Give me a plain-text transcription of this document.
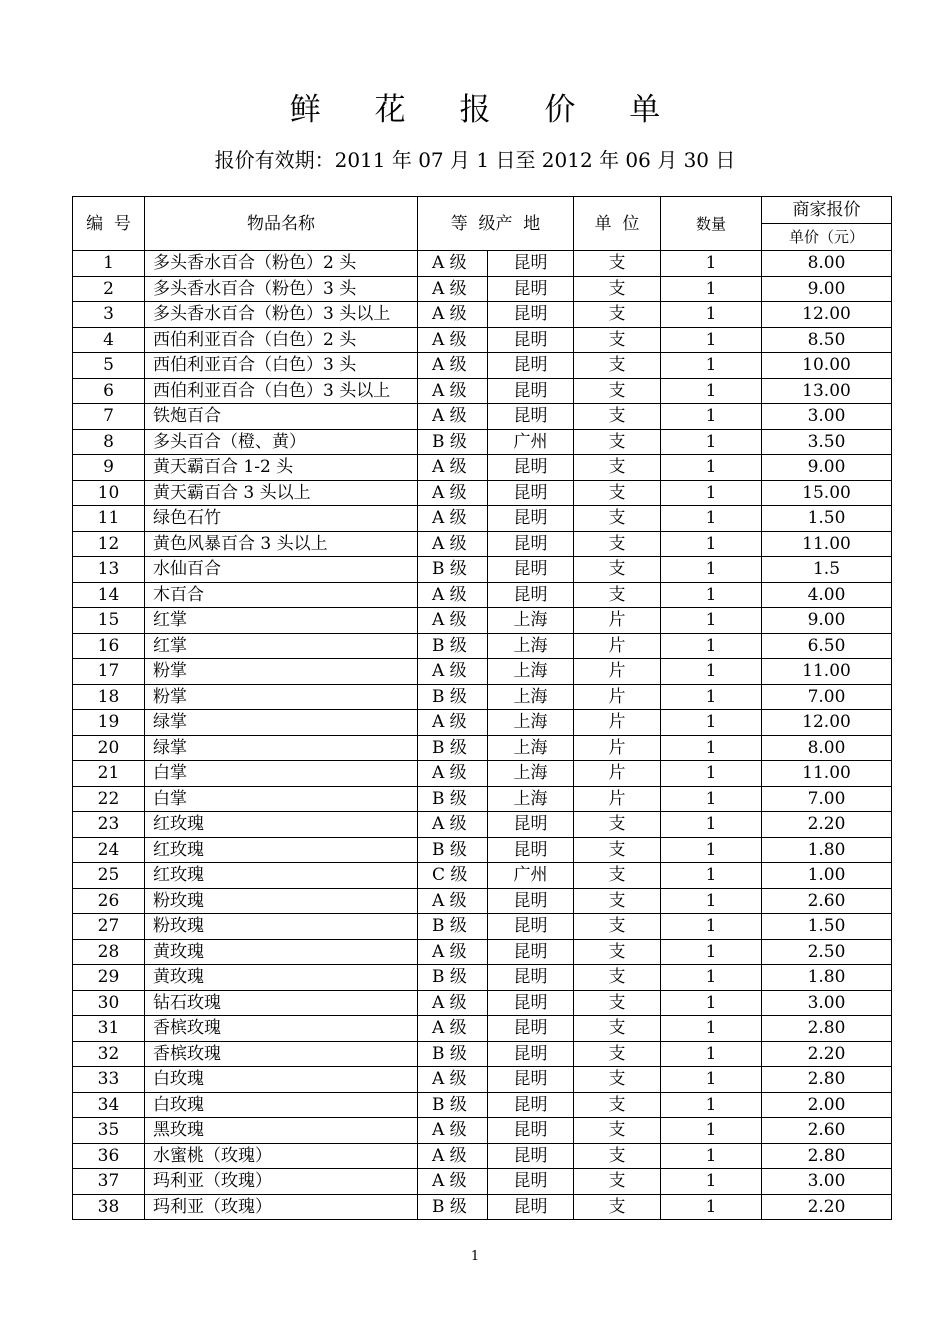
鲜 花 报 价 单
报价有效期：2011 年 07 月 1 日至 2012 年 06 月 30 日
编  号	物品名称	等  级产  地		单  位	数量	商家报价
						单价（元）
1	多头香水百合（粉色）2 头	A 级	昆明	支	1	8.00
2	多头香水百合（粉色）3 头	A 级	昆明	支	1	9.00
3	多头香水百合（粉色）3 头以上	A 级	昆明	支	1	12.00
4	西伯利亚百合（白色）2 头	A 级	昆明	支	1	8.50
5	西伯利亚百合（白色）3 头	A 级	昆明	支	1	10.00
6	西伯利亚百合（白色）3 头以上	A 级	昆明	支	1	13.00
7	铁炮百合	A 级	昆明	支	1	3.00
8	多头百合（橙、黄）	B 级	广州	支	1	3.50
9	黄天霸百合 1-2 头	A 级	昆明	支	1	9.00
10	黄天霸百合 3 头以上	A 级	昆明	支	1	15.00
11	绿色石竹	A 级	昆明	支	1	1.50
12	黄色风暴百合 3 头以上	A 级	昆明	支	1	11.00
13	水仙百合	B 级	昆明	支	1	1.5
14	木百合	A 级	昆明	支	1	4.00
15	红掌	A 级	上海	片	1	9.00
16	红掌	B 级	上海	片	1	6.50
17	粉掌	A 级	上海	片	1	11.00
18	粉掌	B 级	上海	片	1	7.00
19	绿掌	A 级	上海	片	1	12.00
20	绿掌	B 级	上海	片	1	8.00
21	白掌	A 级	上海	片	1	11.00
22	白掌	B 级	上海	片	1	7.00
23	红玫瑰	A 级	昆明	支	1	2.20
24	红玫瑰	B 级	昆明	支	1	1.80
25	红玫瑰	C 级	广州	支	1	1.00
26	粉玫瑰	A 级	昆明	支	1	2.60
27	粉玫瑰	B 级	昆明	支	1	1.50
28	黄玫瑰	A 级	昆明	支	1	2.50
29	黄玫瑰	B 级	昆明	支	1	1.80
30	钻石玫瑰	A 级	昆明	支	1	3.00
31	香槟玫瑰	A 级	昆明	支	1	2.80
32	香槟玫瑰	B 级	昆明	支	1	2.20
33	白玫瑰	A 级	昆明	支	1	2.80
34	白玫瑰	B 级	昆明	支	1	2.00
35	黑玫瑰	A 级	昆明	支	1	2.60
36	水蜜桃（玫瑰）	A 级	昆明	支	1	2.80
37	玛利亚（玫瑰）	A 级	昆明	支	1	3.00
38	玛利亚（玫瑰）	B 级	昆明	支	1	2.20
1
